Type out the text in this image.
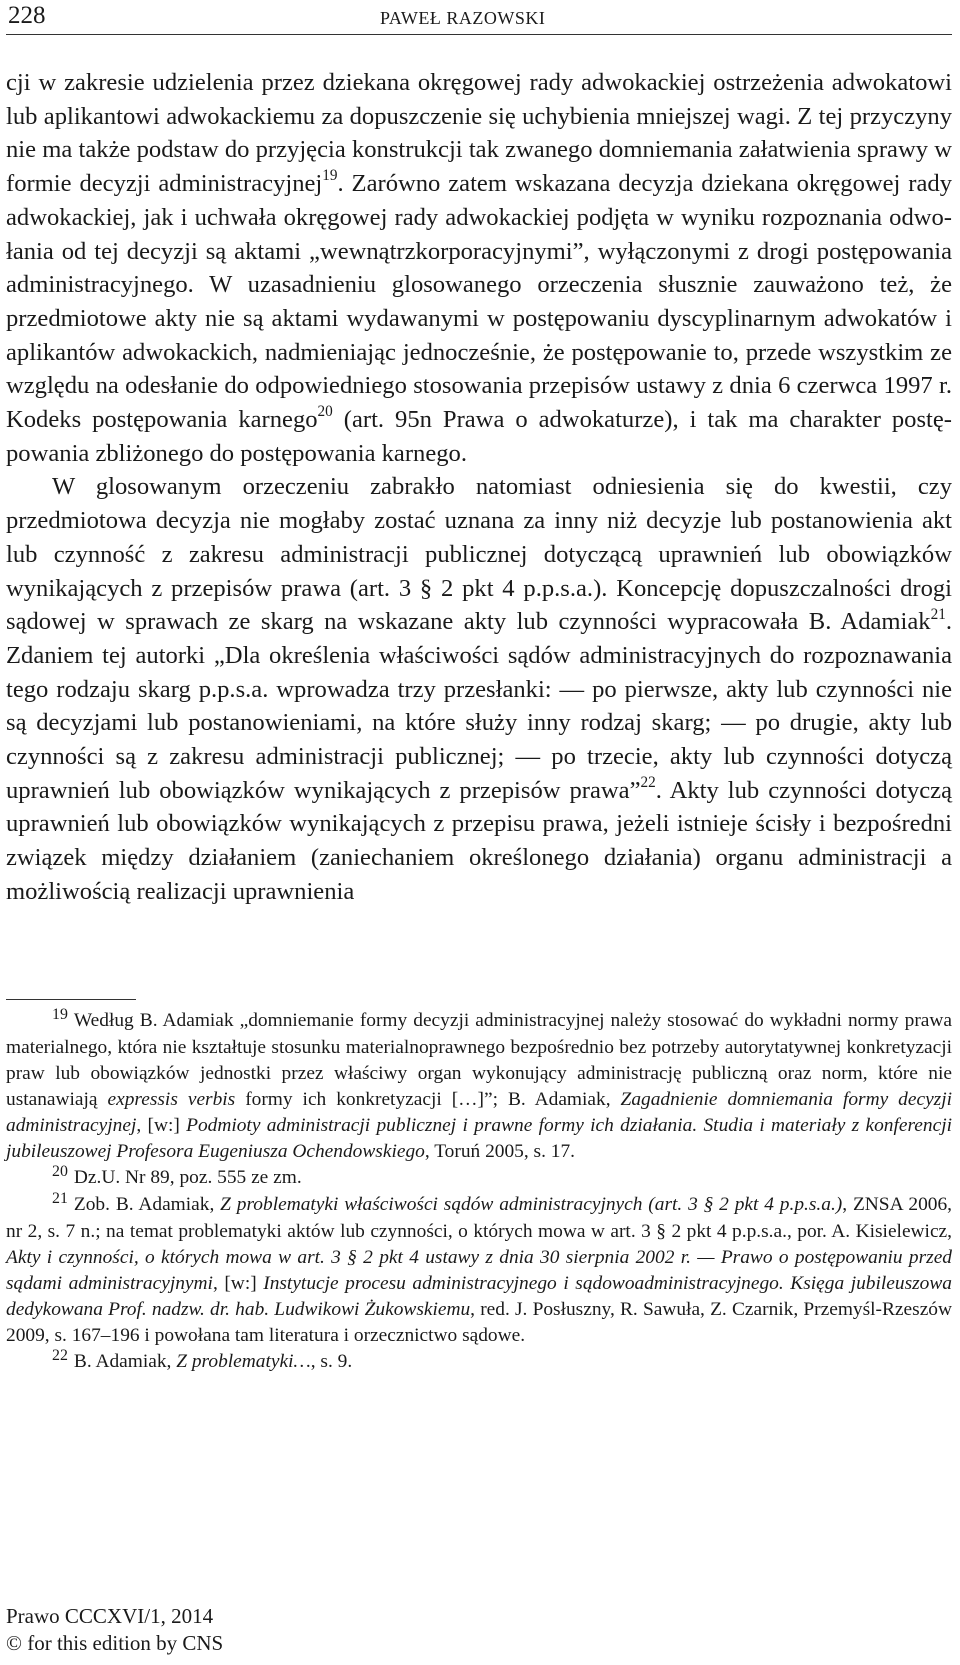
228	PAWEŁ RAZOWSKI

cji w zakresie udzielenia przez dziekana okręgowej rady adwokackiej ostrzeżenia adwokatowi lub aplikantowi adwokackiemu za dopuszczenie się uchybienia mniejszej wagi. Z tej przyczyny nie ma także podstaw do przyjęcia konstrukcji tak zwanego domniemania załatwienia sprawy w formie decyzji administracyjnej$^{19}$. Zarówno zatem wskazana decyzja dziekana okręgowej rady adwokackiej, jak i uchwała okręgowej rady adwokackiej podjęta w wyniku rozpoznania odwołania od tej decyzji są aktami „wewnątrzkorporacyjnymi”, wyłączonymi z drogi postępowania administracyjnego. W uzasadnieniu glosowanego orzeczenia słusznie zauważono też, że przedmiotowe akty nie są aktami wydawanymi w postępowaniu dyscyplinarnym adwokatów i aplikantów adwokackich, nadmieniając jednocześnie, że postępowanie to, przede wszystkim ze względu na odesłanie do odpowiedniego stosowania przepisów ustawy z dnia 6 czerwca 1997 r. Kodeks postępowania karnego$^{20}$ (art. 95n Prawa o adwokaturze), i tak ma charakter postępowania zbliżonego do postępowania karnego.

W glosowanym orzeczeniu zabrakło natomiast odniesienia się do kwestii, czy przedmiotowa decyzja nie mogłaby zostać uznana za inny niż decyzje lub postanowienia akt lub czynność z zakresu administracji publicznej dotyczącą uprawnień lub obowiązków wynikających z przepisów prawa (art. 3 § 2 pkt 4 p.p.s.a.). Koncepcję dopuszczalności drogi sądowej w sprawach ze skarg na wskazane akty lub czynności wypracowała B. Adamiak$^{21}$. Zdaniem tej autorki „Dla określenia właściwości sądów administracyjnych do rozpoznawania tego rodzaju skarg p.p.s.a. wprowadza trzy przesłanki: — po pierwsze, akty lub czynności nie są decyzjami lub postanowieniami, na które służy inny rodzaj skarg; — po drugie, akty lub czynności są z zakresu administracji publicznej; — po trzecie, akty lub czynności dotyczą uprawnień lub obowiązków wynikających z przepisów prawa”$^{22}$. Akty lub czynności dotyczą uprawnień lub obowiązków wynikających z przepisu prawa, jeżeli istnieje ścisły i bezpośredni związek między działaniem (zaniechaniem określonego działania) organu administracji a możliwością realizacji uprawnienia

$^{19}$ Według B. Adamiak „domniemanie formy decyzji administracyjnej należy stosować do wykładni normy prawa materialnego, która nie kształtuje stosunku materialnoprawnego bezpośrednio bez potrzeby autorytatywnej konkretyzacji praw lub obowiązków jednostki przez właściwy organ wykonujący administrację publiczną oraz norm, które nie ustanawiają expressis verbis formy ich konkretyzacji […]”; B. Adamiak, Zagadnienie domniemania formy decyzji administracyjnej, [w:] Podmioty administracji publicznej i prawne formy ich działania. Studia i materiały z konferencji jubileuszowej Profesora Eugeniusza Ochendowskiego, Toruń 2005, s. 17.

$^{20}$ Dz.U. Nr 89, poz. 555 ze zm.

$^{21}$ Zob. B. Adamiak, Z problematyki właściwości sądów administracyjnych (art. 3 § 2 pkt 4 p.p.s.a.), ZNSA 2006, nr 2, s. 7 n.; na temat problematyki aktów lub czynności, o których mowa w art. 3 § 2 pkt 4 p.p.s.a., por. A. Kisielewicz, Akty i czynności, o których mowa w art. 3 § 2 pkt 4 ustawy z dnia 30 sierpnia 2002 r. — Prawo o postępowaniu przed sądami administracyjnymi, [w:] Instytucje procesu administracyjnego i sądowoadministracyjnego. Księga jubileuszowa dedykowana Prof. nadzw. dr. hab. Ludwikowi Żukowskiemu, red. J. Posłuszny, R. Sawuła, Z. Czarnik, Przemyśl-Rzeszów 2009, s. 167–196 i powołana tam literatura i orzecznictwo sądowe.

$^{22}$ B. Adamiak, Z problematyki…, s. 9.

Prawo CCCXVI/1, 2014
© for this edition by CNS
